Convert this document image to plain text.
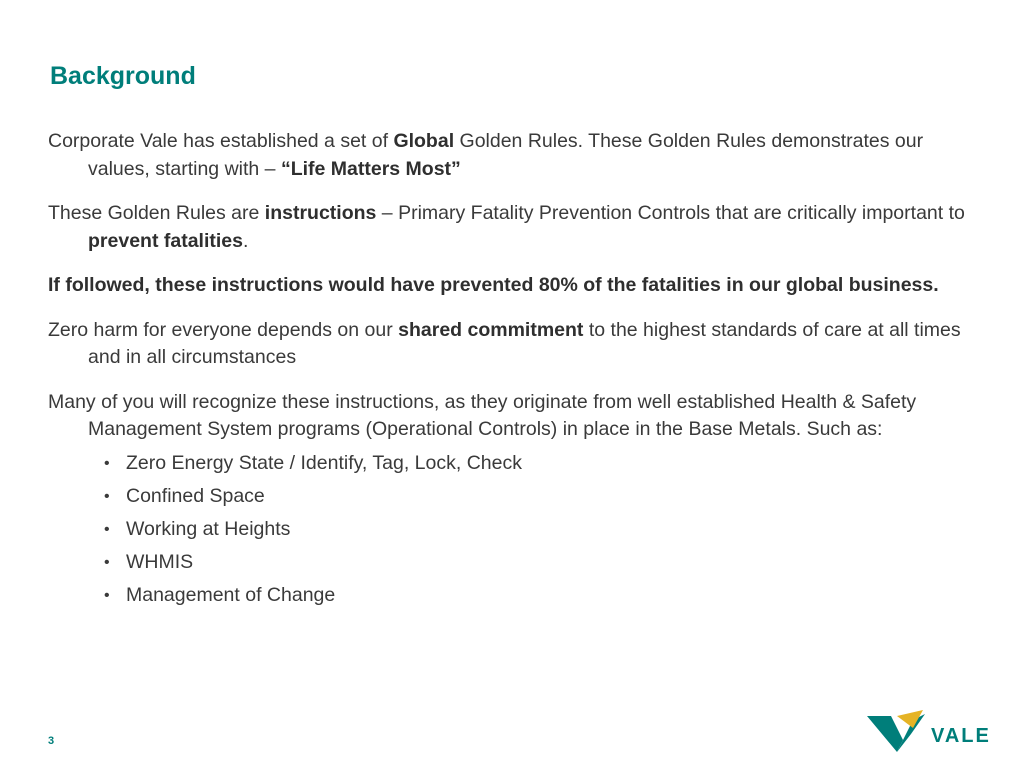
Background

Corporate Vale has established a set of Global Golden Rules. These Golden Rules demonstrates our values, starting with – “Life Matters Most”

These Golden Rules are instructions – Primary Fatality Prevention Controls that are critically important to prevent fatalities.

If followed, these instructions would have prevented 80% of the fatalities in our global business.

Zero harm for everyone depends on our shared commitment to the highest standards of care at all times and in all circumstances

Many of you will recognize these instructions, as they originate from well established Health & Safety Management System programs (Operational Controls) in place in the Base Metals. Such as:

• Zero Energy State / Identify, Tag, Lock, Check
• Confined Space
• Working at Heights
• WHMIS
• Management of Change
3	VALE
